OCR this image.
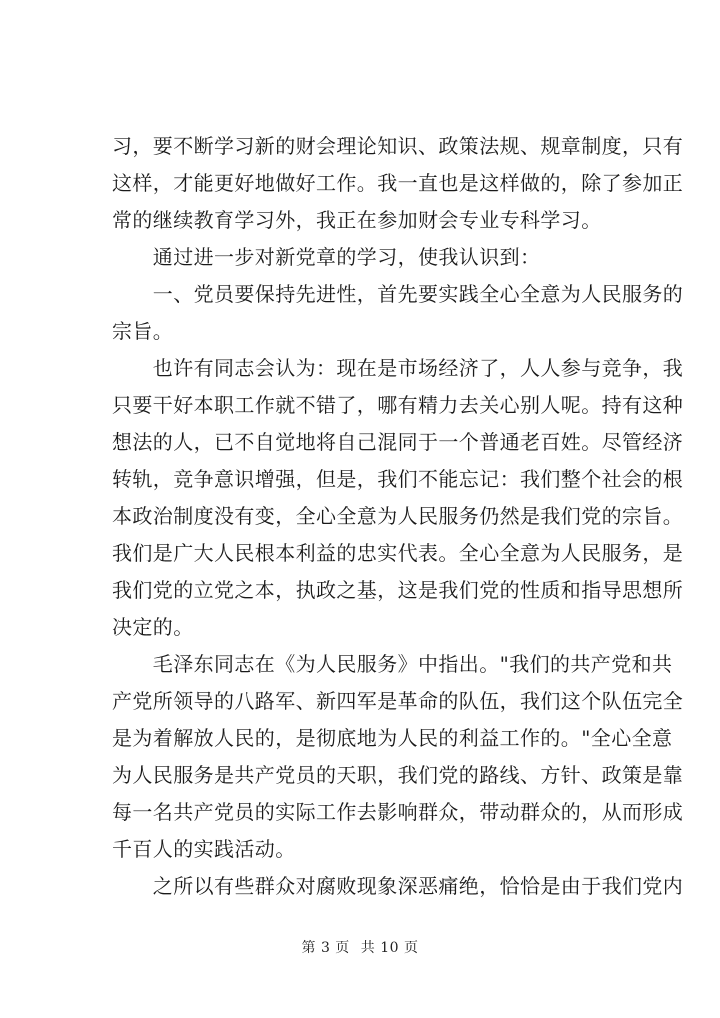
习，要不断学习新的财会理论知识、政策法规、规章制度，只有
这样，才能更好地做好工作。我一直也是这样做的，除了参加正
常的继续教育学习外，我正在参加财会专业专科学习。
　　通过进一步对新党章的学习，使我认识到：
　　一、党员要保持先进性，首先要实践全心全意为人民服务的
宗旨。
　　也许有同志会认为：现在是市场经济了，人人参与竞争，我
只要干好本职工作就不错了，哪有精力去关心别人呢。持有这种
想法的人，已不自觉地将自己混同于一个普通老百姓。尽管经济
转轨，竞争意识增强，但是，我们不能忘记：我们整个社会的根
本政治制度没有变，全心全意为人民服务仍然是我们党的宗旨。
我们是广大人民根本利益的忠实代表。全心全意为人民服务，是
我们党的立党之本，执政之基，这是我们党的性质和指导思想所
决定的。
　　毛泽东同志在《为人民服务》中指出。"我们的共产党和共
产党所领导的八路军、新四军是革命的队伍，我们这个队伍完全
是为着解放人民的，是彻底地为人民的利益工作的。"全心全意
为人民服务是共产党员的天职，我们党的路线、方针、政策是靠
每一名共产党员的实际工作去影响群众，带动群众的，从而形成
千百人的实践活动。
　　之所以有些群众对腐败现象深恶痛绝，恰恰是由于我们党内
第 3 页 共 10 页
